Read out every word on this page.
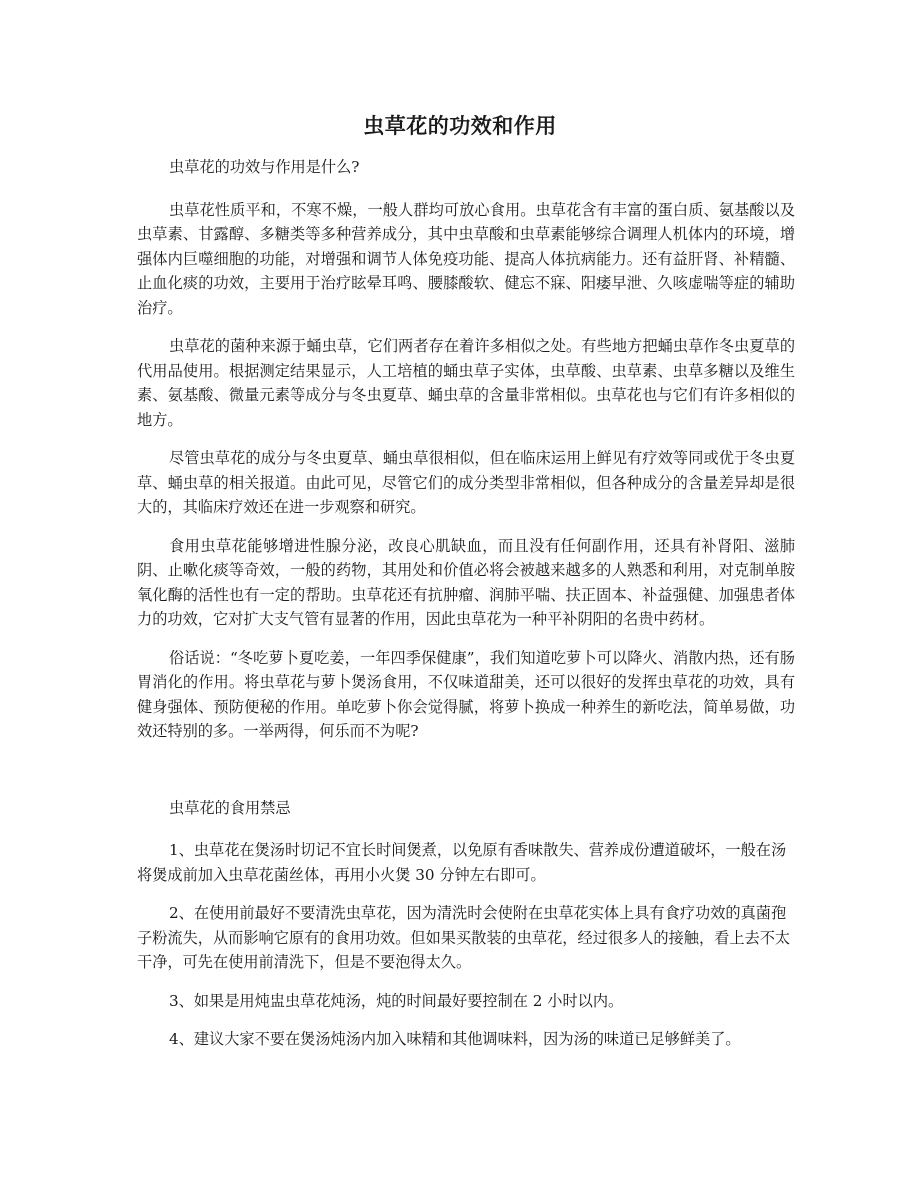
虫草花的功效和作用

虫草花的功效与作用是什么?

虫草花性质平和，不寒不燥，一般人群均可放心食用。虫草花含有丰富的蛋白质、氨基酸以及虫草素、甘露醇、多糖类等多种营养成分，其中虫草酸和虫草素能够综合调理人机体内的环境，增强体内巨噬细胞的功能，对增强和调节人体免疫功能、提高人体抗病能力。还有益肝肾、补精髓、止血化痰的功效，主要用于治疗眩晕耳鸣、腰膝酸软、健忘不寐、阳痿早泄、久咳虚喘等症的辅助治疗。

虫草花的菌种来源于蛹虫草，它们两者存在着许多相似之处。有些地方把蛹虫草作冬虫夏草的代用品使用。根据测定结果显示，人工培植的蛹虫草子实体，虫草酸、虫草素、虫草多糖以及维生素、氨基酸、微量元素等成分与冬虫夏草、蛹虫草的含量非常相似。虫草花也与它们有许多相似的地方。

尽管虫草花的成分与冬虫夏草、蛹虫草很相似，但在临床运用上鲜见有疗效等同或优于冬虫夏草、蛹虫草的相关报道。由此可见，尽管它们的成分类型非常相似，但各种成分的含量差异却是很大的，其临床疗效还在进一步观察和研究。

食用虫草花能够增进性腺分泌，改良心肌缺血，而且没有任何副作用，还具有补肾阳、滋肺阴、止嗽化痰等奇效，一般的药物，其用处和价值必将会被越来越多的人熟悉和利用，对克制单胺氧化酶的活性也有一定的帮助。虫草花还有抗肿瘤、润肺平喘、扶正固本、补益强健、加强患者体力的功效，它对扩大支气管有显著的作用，因此虫草花为一种平补阴阳的名贵中药材。

俗话说：“冬吃萝卜夏吃姜，一年四季保健康”，我们知道吃萝卜可以降火、消散内热，还有肠胃消化的作用。将虫草花与萝卜煲汤食用，不仅味道甜美，还可以很好的发挥虫草花的功效，具有健身强体、预防便秘的作用。单吃萝卜你会觉得腻，将萝卜换成一种养生的新吃法，简单易做，功效还特别的多。一举两得，何乐而不为呢?

虫草花的食用禁忌

1、虫草花在煲汤时切记不宜长时间煲煮，以免原有香味散失、营养成份遭道破坏，一般在汤将煲成前加入虫草花菌丝体，再用小火煲 30 分钟左右即可。

2、在使用前最好不要清洗虫草花，因为清洗时会使附在虫草花实体上具有食疗功效的真菌孢子粉流失，从而影响它原有的食用功效。但如果买散装的虫草花，经过很多人的接触，看上去不太干净，可先在使用前清洗下，但是不要泡得太久。

3、如果是用炖盅虫草花炖汤，炖的时间最好要控制在 2 小时以内。

4、建议大家不要在煲汤炖汤内加入味精和其他调味料，因为汤的味道已足够鲜美了。
